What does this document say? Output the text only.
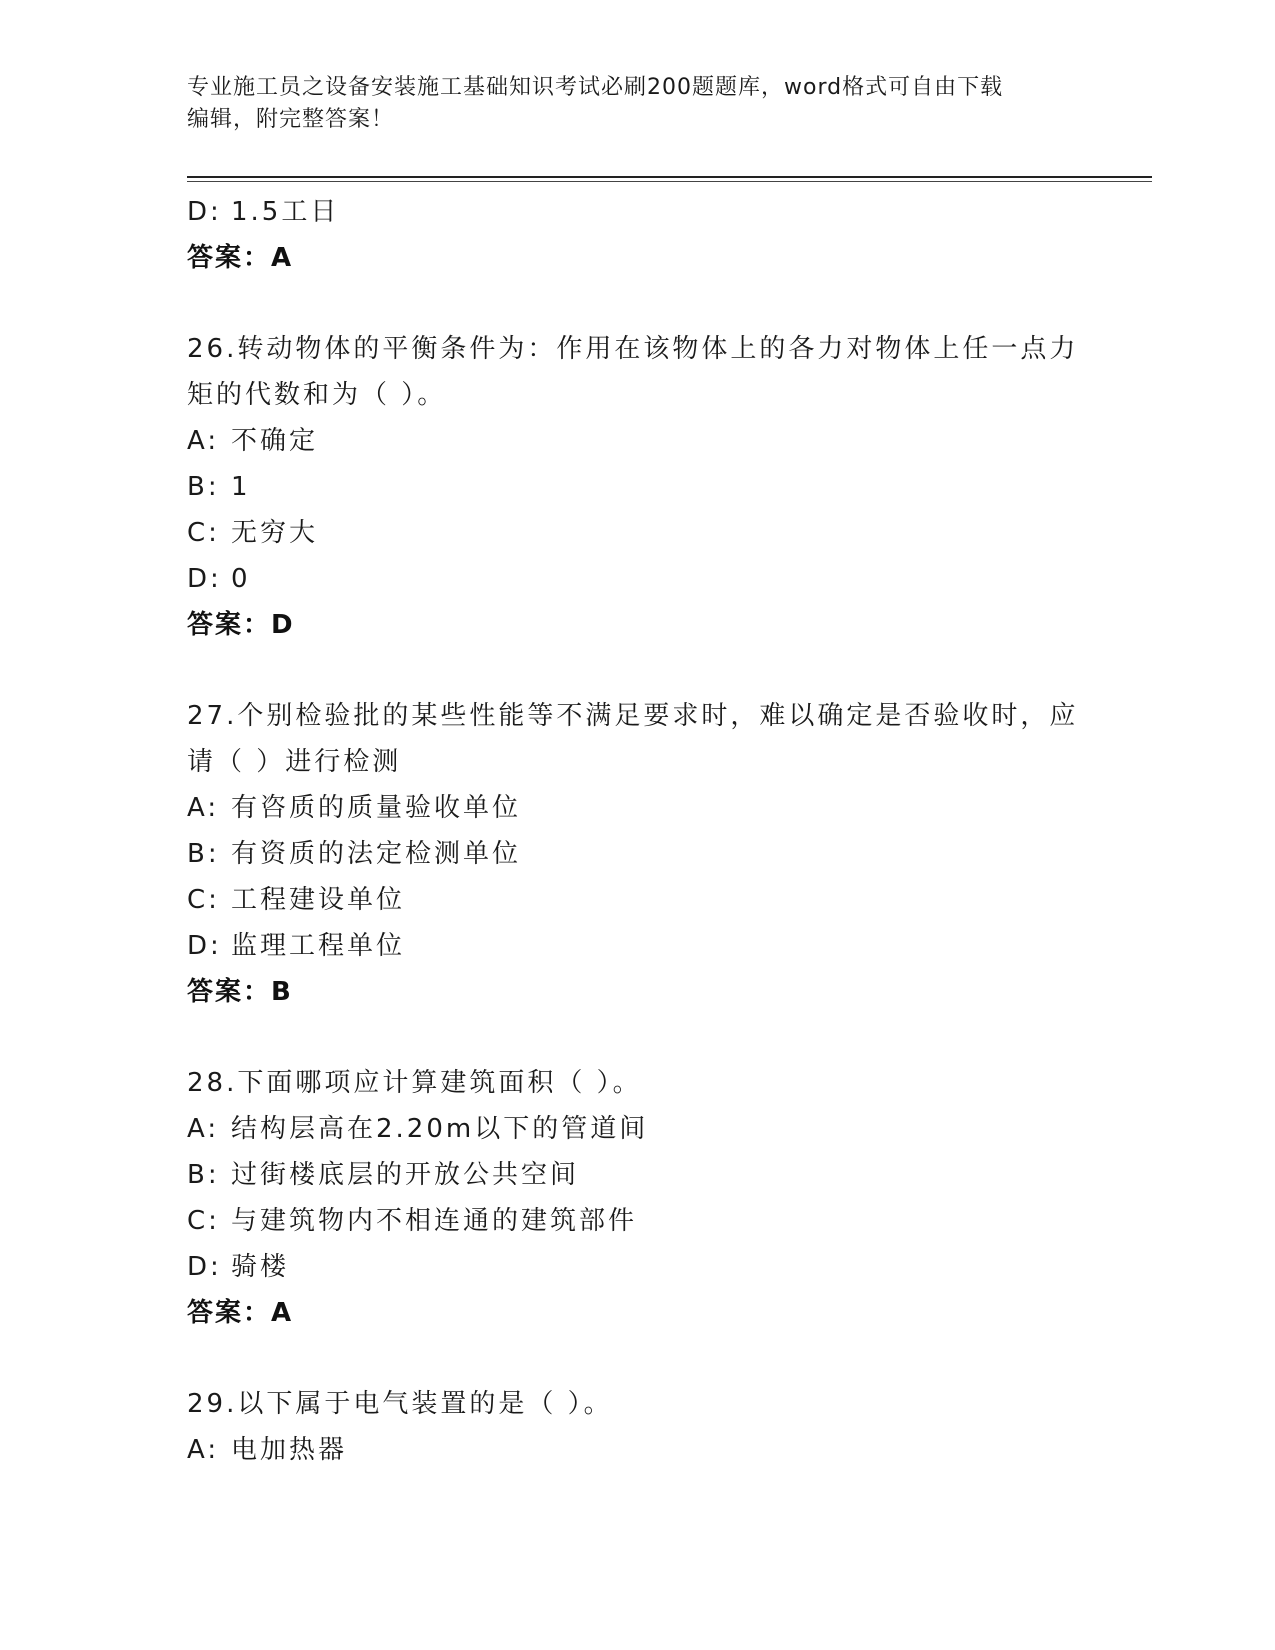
专业施工员之设备安装施工基础知识考试必刷200题题库，word格式可自由下载
编辑，附完整答案！
D: 1.5工日
答案：A
26.转动物体的平衡条件为：作用在该物体上的各力对物体上任一点力
矩的代数和为（ ）。
A: 不确定
B: 1
C: 无穷大
D: 0
答案：D
27.个别检验批的某些性能等不满足要求时，难以确定是否验收时，应
请（ ）进行检测
A: 有咨质的质量验收单位
B: 有资质的法定检测单位
C: 工程建设单位
D: 监理工程单位
答案：B
28.下面哪项应计算建筑面积（ ）。
A: 结构层高在2.20m以下的管道间
B: 过街楼底层的开放公共空间
C: 与建筑物内不相连通的建筑部件
D: 骑楼
答案：A
29.以下属于电气装置的是（ ）。
A: 电加热器
